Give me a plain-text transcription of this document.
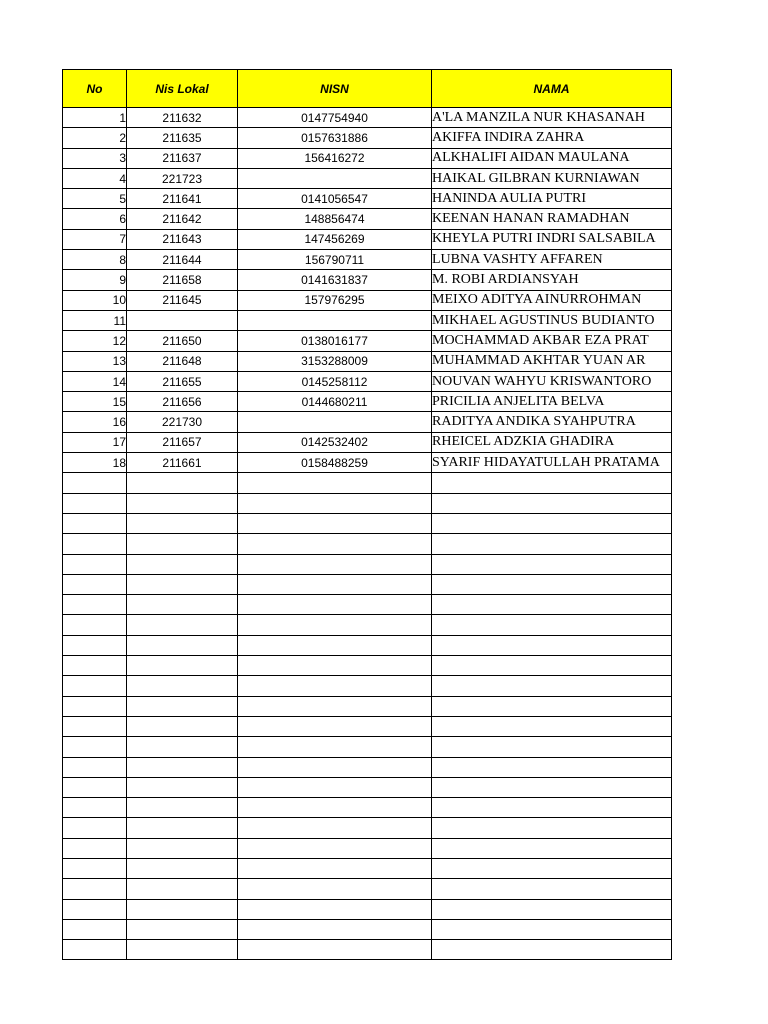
No	Nis Lokal	NISN	NAMA
1	211632	0147754940	A'LA MANZILA NUR KHASANAH
2	211635	0157631886	AKIFFA INDIRA ZAHRA
3	211637	156416272	ALKHALIFI AIDAN MAULANA
4	221723		HAIKAL GILBRAN KURNIAWAN
5	211641	0141056547	HANINDA AULIA PUTRI
6	211642	148856474	KEENAN HANAN RAMADHAN
7	211643	147456269	KHEYLA PUTRI INDRI SALSABILA
8	211644	156790711	LUBNA VASHTY AFFAREN
9	211658	0141631837	M. ROBI ARDIANSYAH
10	211645	157976295	MEIXO ADITYA AINURROHMAN
11			MIKHAEL AGUSTINUS BUDIANTO
12	211650	0138016177	MOCHAMMAD AKBAR EZA PRAT
13	211648	3153288009	MUHAMMAD AKHTAR YUAN AR
14	211655	0145258112	NOUVAN WAHYU KRISWANTORO
15	211656	0144680211	PRICILIA ANJELITA BELVA
16	221730		RADITYA ANDIKA SYAHPUTRA
17	211657	0142532402	RHEICEL ADZKIA GHADIRA
18	211661	0158488259	SYARIF HIDAYATULLAH PRATAMA
